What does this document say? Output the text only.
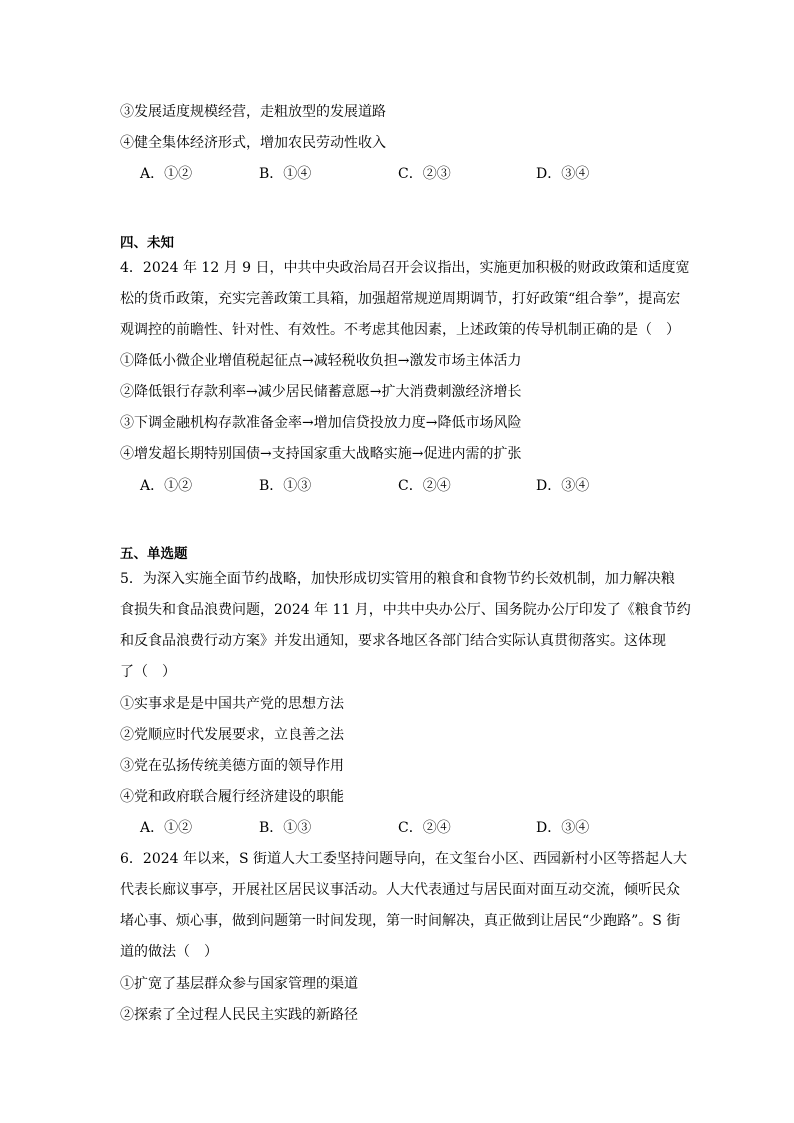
③发展适度规模经营，走粗放型的发展道路
④健全集体经济形式，增加农民劳动性收入
A．①②	B．①④	C．②③	D．③④
四、未知
4．2024 年 12 月 9 日，中共中央政治局召开会议指出，实施更加积极的财政政策和适度宽
松的货币政策，充实完善政策工具箱，加强超常规逆周期调节，打好政策“组合拳”，提高宏
观调控的前瞻性、针对性、有效性。不考虑其他因素，上述政策的传导机制正确的是（　）
①降低小微企业增值税起征点→减轻税收负担→激发市场主体活力
②降低银行存款利率→减少居民储蓄意愿→扩大消费刺激经济增长
③下调金融机构存款准备金率→增加信贷投放力度→降低市场风险
④增发超长期特别国债→支持国家重大战略实施→促进内需的扩张
A．①②	B．①③	C．②④	D．③④
五、单选题
5．为深入实施全面节约战略，加快形成切实管用的粮食和食物节约长效机制，加力解决粮
食损失和食品浪费问题，2024 年 11 月，中共中央办公厅、国务院办公厅印发了《粮食节约
和反食品浪费行动方案》并发出通知，要求各地区各部门结合实际认真贯彻落实。这体现
了（　）
①实事求是是中国共产党的思想方法
②党顺应时代发展要求，立良善之法
③党在弘扬传统美德方面的领导作用
④党和政府联合履行经济建设的职能
A．①②	B．①③	C．②④	D．③④
6．2024 年以来，S 街道人大工委坚持问题导向，在文玺台小区、西园新村小区等搭起人大
代表长廊议事亭，开展社区居民议事活动。人大代表通过与居民面对面互动交流，倾听民众
堵心事、烦心事，做到问题第一时间发现，第一时间解决，真正做到让居民“少跑路”。S 街
道的做法（　）
①扩宽了基层群众参与国家管理的渠道
②探索了全过程人民民主实践的新路径
